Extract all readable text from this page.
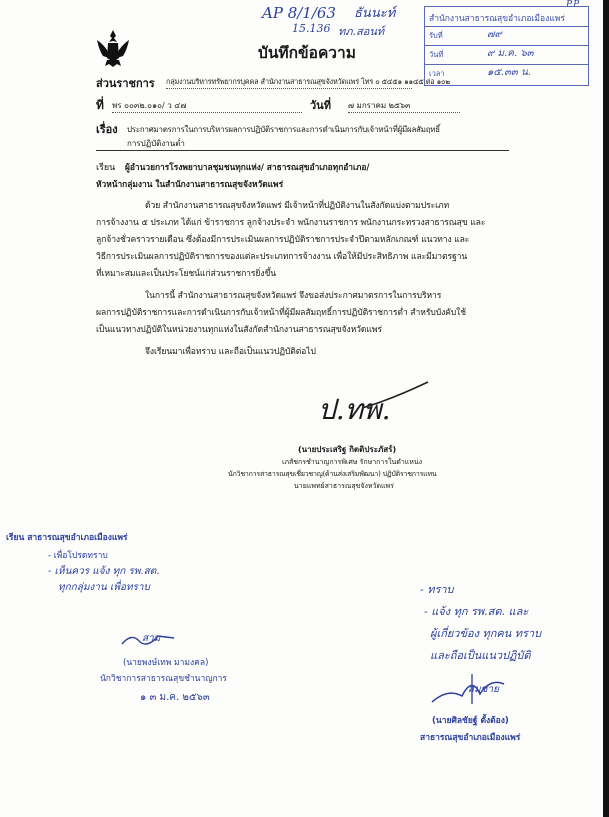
AP 8/1/63
15.136 ทภ.สอนท์
ธันนะท์
P.P.
สำนักงานสาธารณสุขอำเภอเมืองแพร่
รับที่	๗๙
วันที่	๙ ม.ค. ๖๓
เวลา	๑๕.๓๓ น.
บันทึกข้อความ
ส่วนราชการ กลุ่มงานบริหารทรัพยากรบุคคล สำนักงานสาธารณสุขจังหวัดแพร่ โทร ๐ ๕๔๕๑ ๑๑๔๕ ต่อ ๑๐๒
ที่ พร ๐๐๓๒.๐๑๐/ ว ๔๗	วันที่ ๗ มกราคม ๒๕๖๓
เรื่อง ประกาศมาตรการในการบริหารผลการปฏิบัติราชการและการดำเนินการกับเจ้าหน้าที่ผู้มีผลสัมฤทธิ์
การปฏิบัติงานต่ำ
เรียน ผู้อำนวยการโรงพยาบาลชุมชนทุกแห่ง/ สาธารณสุขอำเภอทุกอำเภอ/
หัวหน้ากลุ่มงาน ในสำนักงานสาธารณสุขจังหวัดแพร่
ด้วย สำนักงานสาธารณสุขจังหวัดแพร่ มีเจ้าหน้าที่ปฏิบัติงานในสังกัดแบ่งตามประเภท
การจ้างงาน ๕ ประเภท ได้แก่ ข้าราชการ ลูกจ้างประจำ พนักงานราชการ พนักงานกระทรวงสาธารณสุข และ
ลูกจ้างชั่วคราวรายเดือน ซึ่งต้องมีการประเมินผลการปฏิบัติราชการประจำปีตามหลักเกณฑ์ แนวทาง และ
วิธีการประเมินผลการปฏิบัติราชการของแต่ละประเภทการจ้างงาน เพื่อให้มีประสิทธิภาพ และมีมาตรฐาน
ที่เหมาะสมและเป็นประโยชน์แก่ส่วนราชการยิ่งขึ้น
ในการนี้ สำนักงานสาธารณสุขจังหวัดแพร่ จึงขอส่งประกาศมาตรการในการบริหาร
ผลการปฏิบัติราชการและการดำเนินการกับเจ้าหน้าที่ผู้มีผลสัมฤทธิ์การปฏิบัติราชการต่ำ สำหรับบังคับใช้
เป็นแนวทางปฏิบัติในหน่วยงานทุกแห่งในสังกัดสำนักงานสาธารณสุขจังหวัดแพร่
จึงเรียนมาเพื่อทราบ และถือเป็นแนวปฏิบัติต่อไป
ป.ทพ.
(นายประเสริฐ กิตติประภัสร์)
เภสัชกรชำนาญการพิเศษ รักษาการในตำแหน่ง
นักวิชาการสาธารณสุขเชี่ยวชาญ(ด้านส่งเสริมพัฒนา) ปฏิบัติราชการแทน
นายแพทย์สาธารณสุขจังหวัดแพร่
เรียน สาธารณสุขอำเภอเมืองแพร่
- เพื่อโปรดทราบ
- เห็นควร แจ้ง ทุก รพ.สต.
ทุกกลุ่มงาน เพื่อทราบ
สาม
(นายพงษ์เทพ มามงคล)
นักวิชาการสาธารณสุขชำนาญการ
๑ ๓ ม.ค. ๒๕๖๓
- ทราบ
- แจ้ง ทุก รพ.สต. และ
ผู้เกี่ยวข้อง ทุกคน ทราบ
และถือเป็นแนวปฏิบัติ
สมชาย
(นายศิลชัยฐ์ ตั้งต้อง)
สาธารณสุขอำเภอเมืองแพร่
